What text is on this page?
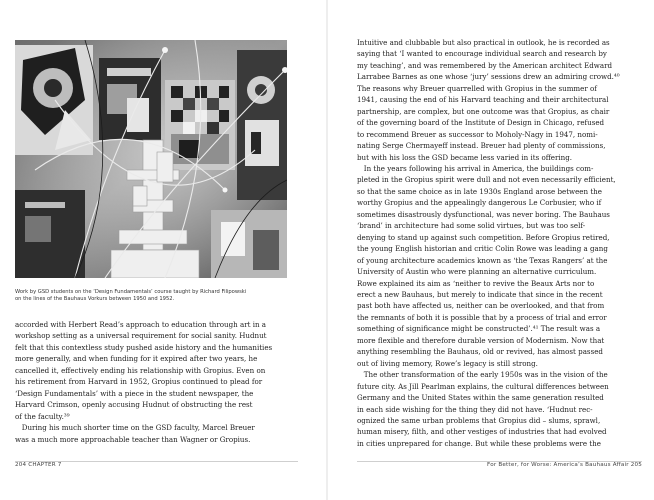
Work by GSD students on the ‘Design Fundamentals’ course taught by Richard Filipowski
on the lines of the Bauhaus Vorkurs between 1950 and 1952.
accorded with Herbert Read’s approach to education through art in a
workshop setting as a universal requirement for social sanity. Hudnut
felt that this contextless study pushed aside history and the humanities
more generally, and when funding for it expired after two years, he
cancelled it, effectively ending his relationship with Gropius. Even on
his retirement from Harvard in 1952, Gropius continued to plead for
‘Design Fundamentals’ with a piece in the student newspaper, the
Harvard Crimson, openly accusing Hudnut of obstructing the rest
of the faculty.³⁹
During his much shorter time on the GSD faculty, Marcel Breuer
was a much more approachable teacher than Wagner or Gropius.
204 CHAPTER 7
Intuitive and clubbable but also practical in outlook, he is recorded as
saying that ‘I wanted to encourage individual search and research by
my teaching’, and was remembered by the American architect Edward
Larrabee Barnes as one whose ‘jury’ sessions drew an admiring crowd.⁴⁰
The reasons why Breuer quarrelled with Gropius in the summer of
1941, causing the end of his Harvard teaching and their architectural
partnership, are complex, but one outcome was that Gropius, as chair
of the governing board of the Institute of Design in Chicago, refused
to recommend Breuer as successor to Moholy-Nagy in 1947, nomi-
nating Serge Chermayeff instead. Breuer had plenty of commissions,
but with his loss the GSD became less varied in its offering.
In the years following his arrival in America, the buildings com-
pleted in the Gropius spirit were dull and not even necessarily efficient,
so that the same choice as in late 1930s England arose between the
worthy Gropius and the appealingly dangerous Le Corbusier, who if
sometimes disastrously dysfunctional, was never boring. The Bauhaus
‘brand’ in architecture had some solid virtues, but was too self-
denying to stand up against such competition. Before Gropius retired,
the young English historian and critic Colin Rowe was leading a gang
of young architecture academics known as ‘the Texas Rangers’ at the
University of Austin who were planning an alternative curriculum.
Rowe explained its aim as ‘neither to revive the Beaux Arts nor to
erect a new Bauhaus, but merely to indicate that since in the recent
past both have affected us, neither can be overlooked, and that from
the remnants of both it is possible that by a process of trial and error
something of significance might be constructed’.⁴¹ The result was a
more flexible and therefore durable version of Modernism. Now that
anything resembling the Bauhaus, old or revived, has almost passed
out of living memory, Rowe’s legacy is still strong.
The other transformation of the early 1950s was in the vision of the
future city. As Jill Pearlman explains, the cultural differences between
Germany and the United States within the same generation resulted
in each side wishing for the thing they did not have. ‘Hudnut rec-
ognized the same urban problems that Gropius did – slums, sprawl,
human misery, filth, and other vestiges of industries that had evolved
in cities unprepared for change. But while these problems were the
For Better, for Worse: America’s Bauhaus Affair 205
